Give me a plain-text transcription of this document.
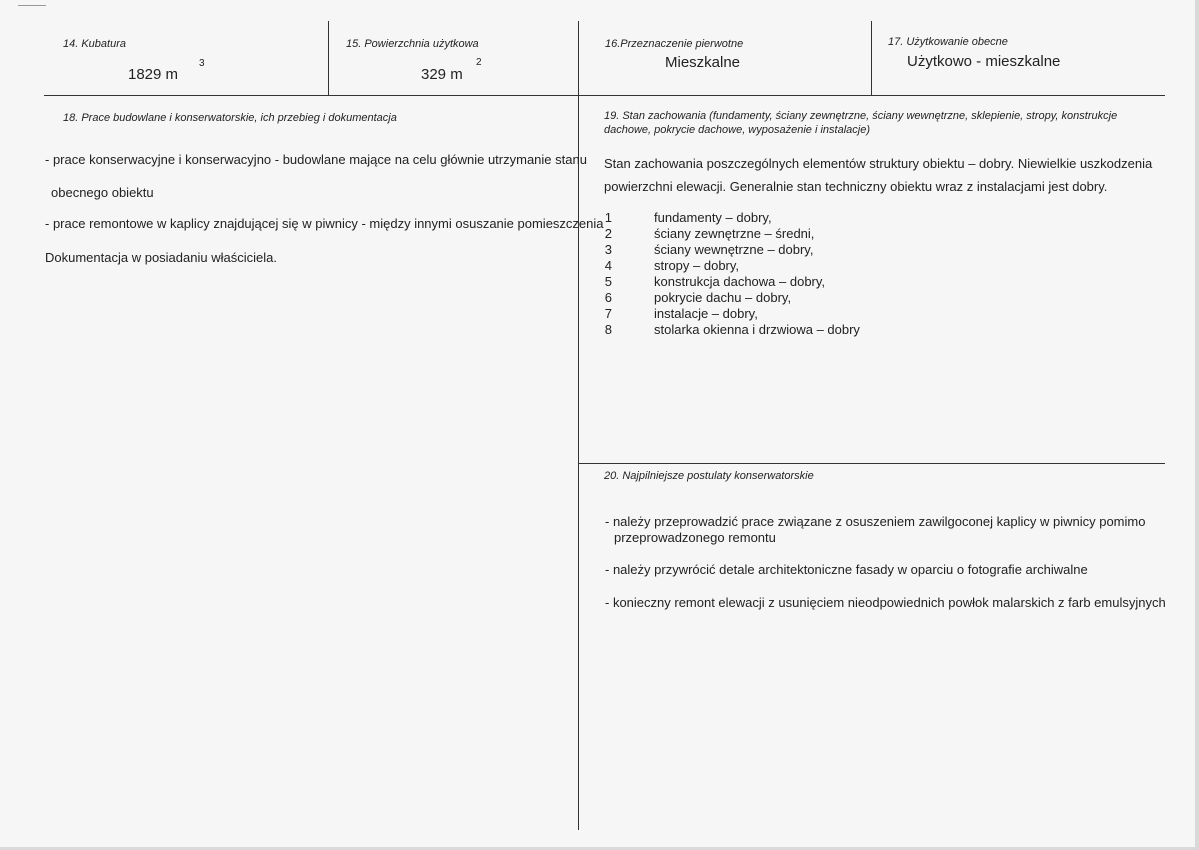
14. Kubatura
1829 m
3
15. Powierzchnia użytkowa
329 m
2
16.Przeznaczenie pierwotne
Mieszkalne
17. Użytkowanie obecne
Użytkowo - mieszkalne
18. Prace budowlane i konserwatorskie, ich przebieg i dokumentacja
- prace konserwacyjne i konserwacyjno - budowlane mające na celu głównie utrzymanie stanu
obecnego obiektu
- prace remontowe w kaplicy znajdującej się w piwnicy - między innymi osuszanie pomieszczenia
Dokumentacja w posiadaniu właściciela.
19. Stan zachowania (fundamenty, ściany zewnętrzne, ściany wewnętrzne, sklepienie, stropy, konstrukcje dachowe, pokrycie dachowe, wyposażenie i instalacje)
Stan zachowania poszczególnych elementów struktury obiektu – dobry. Niewielkie uszkodzenia powierzchni elewacji. Generalnie stan techniczny obiektu wraz z instalacjami jest dobry.
1	fundamenty – dobry,
2	ściany zewnętrzne – średni,
3	ściany wewnętrzne – dobry,
4	stropy – dobry,
5	konstrukcja dachowa – dobry,
6	pokrycie dachu – dobry,
7	instalacje – dobry,
8	stolarka okienna i drzwiowa – dobry
20. Najpilniejsze postulaty konserwatorskie
- należy przeprowadzić prace związane z osuszeniem zawilgoconej kaplicy w piwnicy pomimo
przeprowadzonego remontu
- należy przywrócić detale architektoniczne fasady w oparciu o fotografie archiwalne
- konieczny remont elewacji z usunięciem nieodpowiednich powłok malarskich z farb emulsyjnych
